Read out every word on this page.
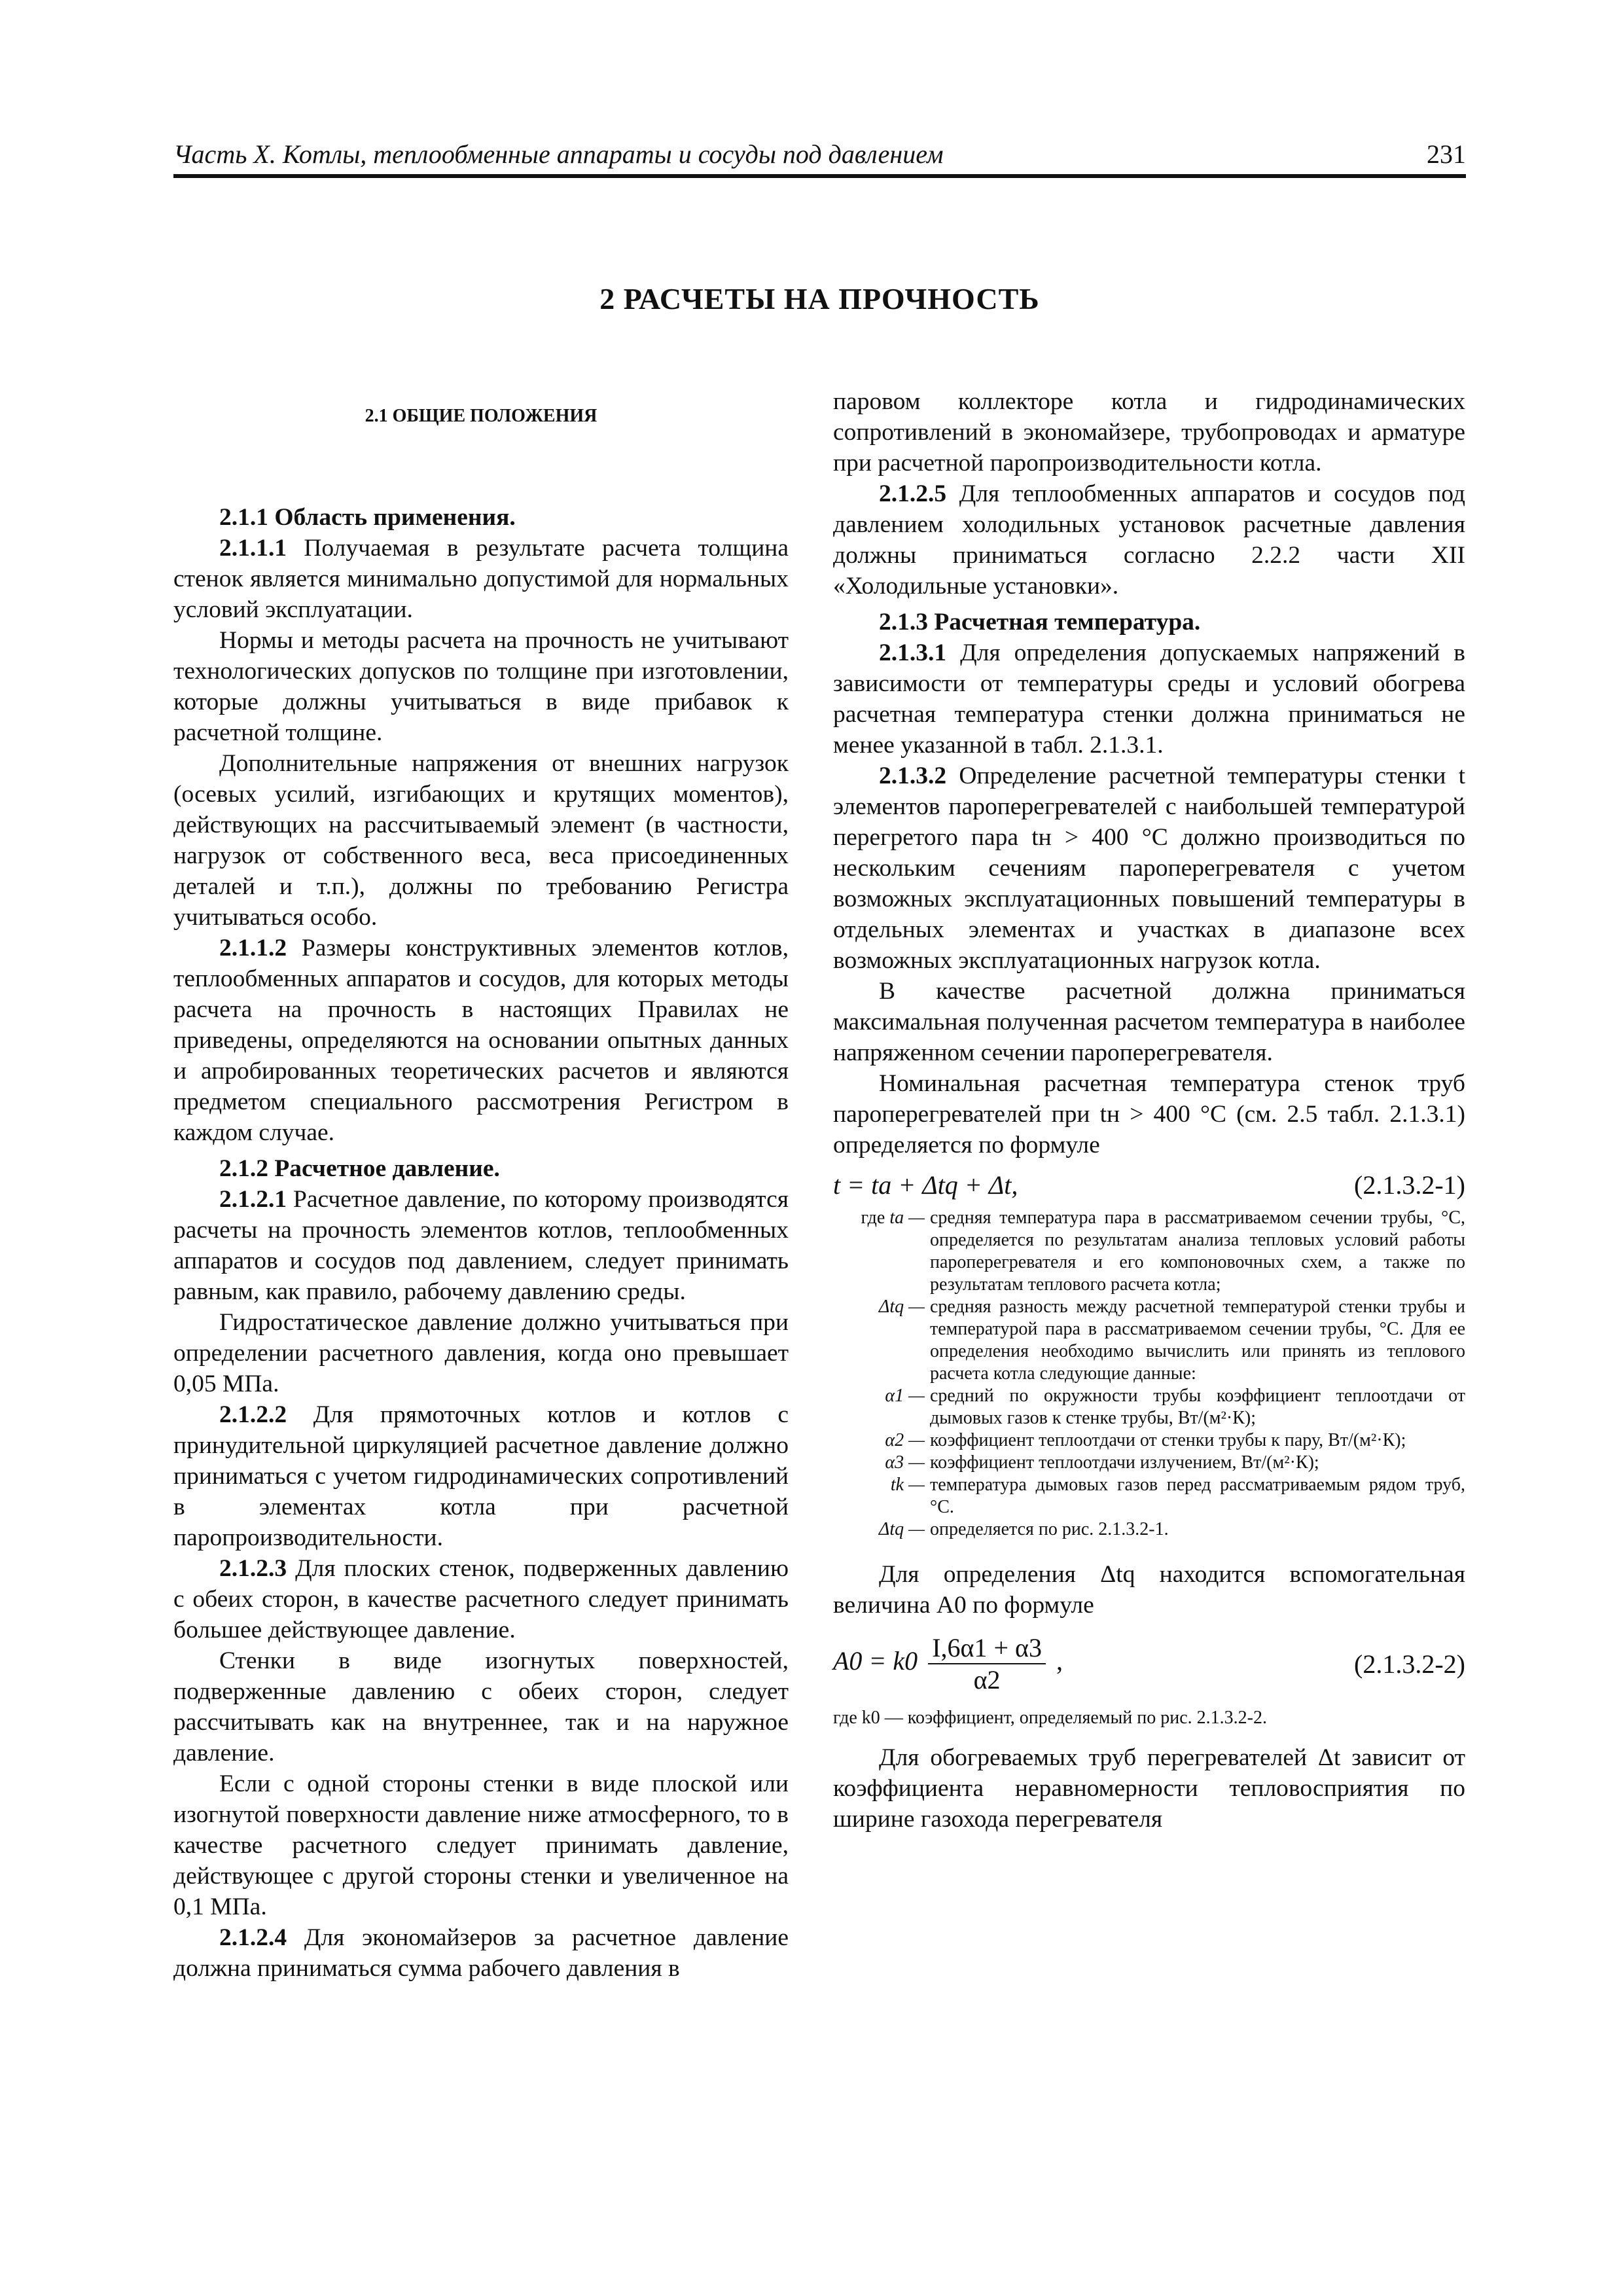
Часть X. Котлы, теплообменные аппараты и сосуды под давлением	231
2 РАСЧЕТЫ НА ПРОЧНОСТЬ

2.1 ОБЩИЕ ПОЛОЖЕНИЯ

2.1.1 Область применения.

2.1.1.1 Получаемая в результате расчета толщина стенок является минимально допустимой для нормальных условий эксплуатации.

Нормы и методы расчета на прочность не учитывают технологических допусков по толщине при изготовлении, которые должны учитываться в виде прибавок к расчетной толщине.

Дополнительные напряжения от внешних нагрузок (осевых усилий, изгибающих и крутящих моментов), действующих на рассчитываемый элемент (в частности, нагрузок от собственного веса, веса присоединенных деталей и т.п.), должны по требованию Регистра учитываться особо.

2.1.1.2 Размеры конструктивных элементов котлов, теплообменных аппаратов и сосудов, для которых методы расчета на прочность в настоящих Правилах не приведены, определяются на основании опытных данных и апробированных теоретических расчетов и являются предметом специального рассмотрения Регистром в каждом случае.

2.1.2 Расчетное давление.

2.1.2.1 Расчетное давление, по которому производятся расчеты на прочность элементов котлов, теплообменных аппаратов и сосудов под давлением, следует принимать равным, как правило, рабочему давлению среды.

Гидростатическое давление должно учитываться при определении расчетного давления, когда оно превышает 0,05 МПа.

2.1.2.2 Для прямоточных котлов и котлов с принудительной циркуляцией расчетное давление должно приниматься с учетом гидродинамических сопротивлений в элементах котла при расчетной паропроизводительности.

2.1.2.3 Для плоских стенок, подверженных давлению с обеих сторон, в качестве расчетного следует принимать большее действующее давление.

Стенки в виде изогнутых поверхностей, подверженные давлению с обеих сторон, следует рассчитывать как на внутреннее, так и на наружное давление.

Если с одной стороны стенки в виде плоской или изогнутой поверхности давление ниже атмосферного, то в качестве расчетного следует принимать давление, действующее с другой стороны стенки и увеличенное на 0,1 МПа.

2.1.2.4 Для экономайзеров за расчетное давление должна приниматься сумма рабочего давления в

паровом коллекторе котла и гидродинамических сопротивлений в экономайзере, трубопроводах и арматуре при расчетной паропроизводительности котла.

2.1.2.5 Для теплообменных аппаратов и сосудов под давлением холодильных установок расчетные давления должны приниматься согласно 2.2.2 части XII «Холодильные установки».

2.1.3 Расчетная температура.

2.1.3.1 Для определения допускаемых напряжений в зависимости от температуры среды и условий обогрева расчетная температура стенки должна приниматься не менее указанной в табл. 2.1.3.1.

2.1.3.2 Определение расчетной температуры стенки t элементов пароперегревателей с наибольшей температурой перегретого пара tн > 400 °С должно производиться по нескольким сечениям пароперегревателя с учетом возможных эксплуатационных повышений температуры в отдельных элементах и участках в диапазоне всех возможных эксплуатационных нагрузок котла.

В качестве расчетной должна приниматься максимальная полученная расчетом температура в наиболее напряженном сечении пароперегревателя.

Номинальная расчетная температура стенок труб пароперегревателей при tн > 400 °С (см. 2.5 табл. 2.1.3.1) определяется по формуле

t = tа + Δtq + Δt,	(2.1.3.2-1)
где tа — средняя температура пара в рассматриваемом сечении трубы, °С, определяется по результатам анализа тепловых условий работы пароперегревателя и его компоновочных схем, а также по результатам теплового расчета котла;
Δtq — средняя разность между расчетной температурой стенки трубы и температурой пара в рассматриваемом сечении трубы, °С. Для ее определения необходимо вычислить или принять из теплового расчета котла следующие данные:
α1 — средний по окружности трубы коэффициент теплоотдачи от дымовых газов к стенке трубы, Вт/(м²·К);
α2 — коэффициент теплоотдачи от стенки трубы к пару, Вт/(м²·К);
α3 — коэффициент теплоотдачи излучением, Вт/(м²·К);
tk — температура дымовых газов перед рассматриваемым рядом труб, °С.
Δtq — определяется по рис. 2.1.3.2-1.

Для определения Δtq находится вспомогательная величина A0 по формуле

$A0 = k0 \frac{I,6\alpha 1 + \alpha 3}{\alpha 2}$ ,	(2.1.3.2-2)
где k0 — коэффициент, определяемый по рис. 2.1.3.2-2.

Для обогреваемых труб перегревателей Δt зависит от коэффициента неравномерности тепловосприятия по ширине газохода перегревателя
